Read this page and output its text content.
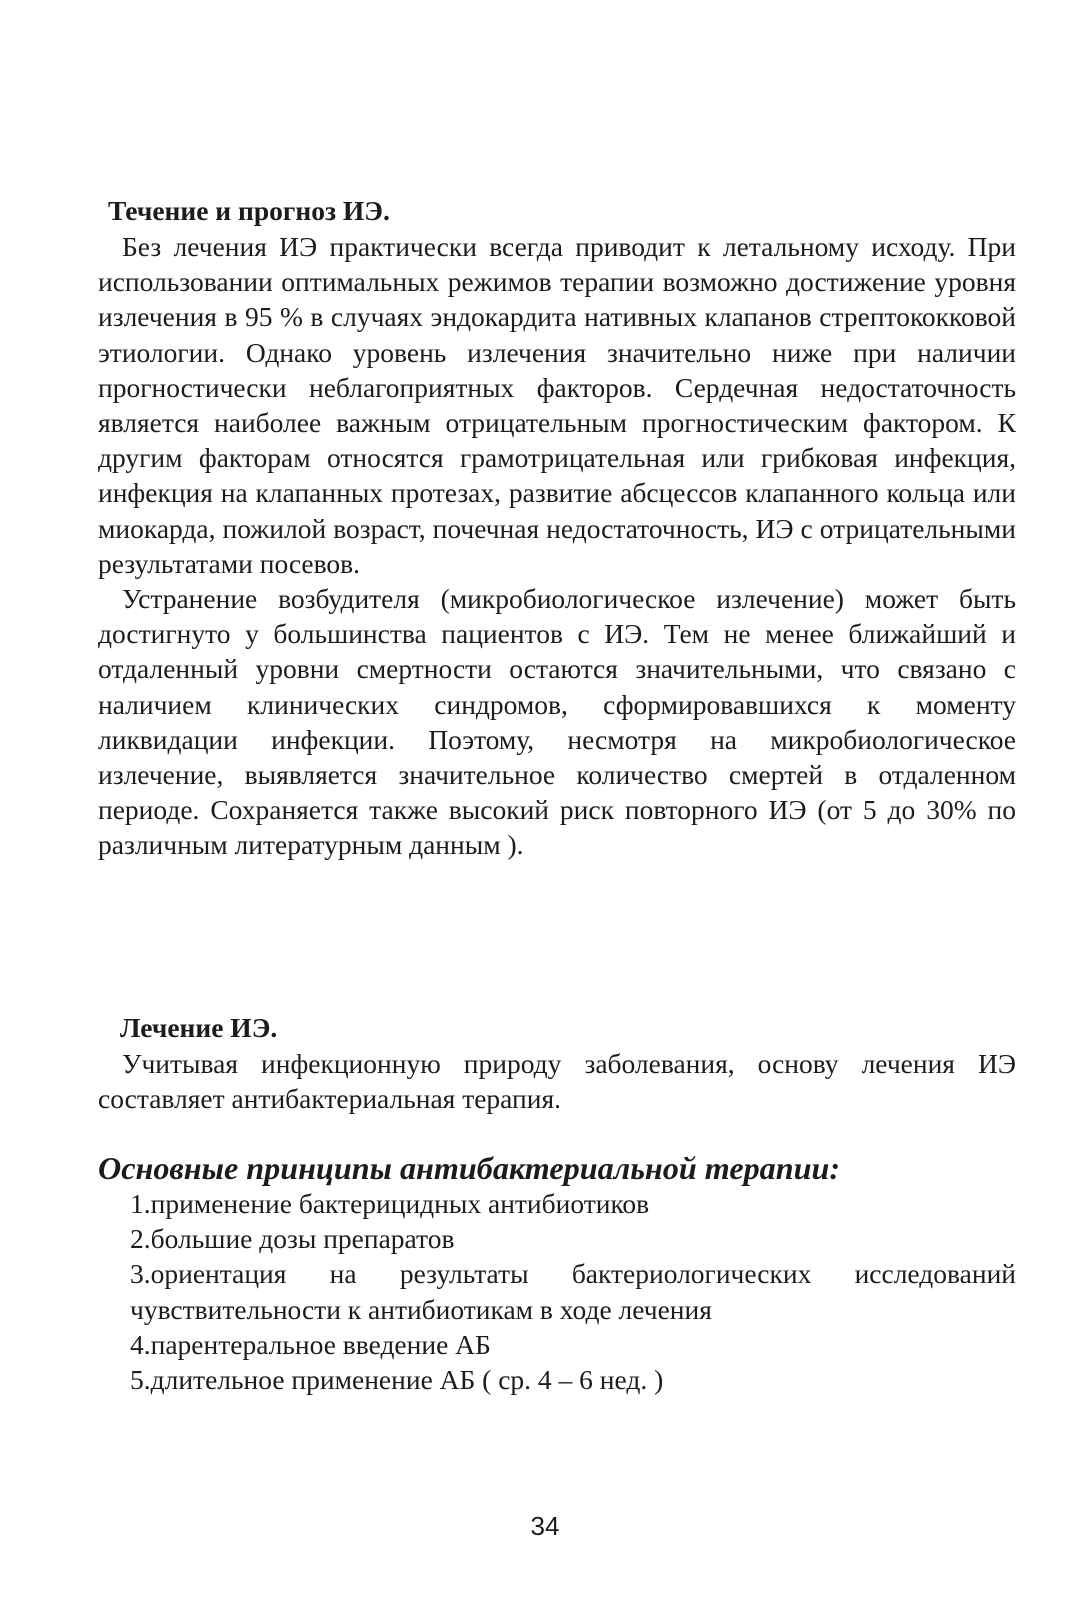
Течение и прогноз ИЭ.

Без лечения ИЭ практически всегда приводит к летальному исходу. При использовании оптимальных режимов терапии возможно достижение уровня излечения в 95 % в случаях эндокардита нативных клапанов стрептококковой этиологии. Однако уровень излечения значительно ниже при наличии прогностически неблагоприятных факторов. Сердечная недостаточность является наиболее важным отрицательным прогностическим фактором. К другим факторам относятся грамотрицательная или грибковая инфекция, инфекция на клапанных протезах, развитие абсцессов клапанного кольца или миокарда, пожилой возраст, почечная недостаточность, ИЭ с отрицательными результатами посевов.

Устранение возбудителя (микробиологическое излечение) может быть достигнуто у большинства пациентов с ИЭ. Тем не менее ближайший и отдаленный уровни смертности остаются значительными, что связано с наличием клинических синдромов, сформировавшихся к моменту ликвидации инфекции. Поэтому, несмотря на микробиологическое излечение, выявляется значительное количество смертей в отдаленном периоде. Сохраняется также высокий риск повторного ИЭ (от 5 до 30% по различным литературным данным ).

Лечение ИЭ.

Учитывая инфекционную природу заболевания, основу лечения ИЭ составляет антибактериальная терапия.

Основные принципы антибактериальной терапии:
1.применение бактерицидных антибиотиков
2.большие дозы препаратов
3.ориентация на результаты бактериологических исследований чувствительности к антибиотикам в ходе лечения
4.парентеральное введение АБ
5.длительное применение АБ ( ср. 4 – 6 нед. )
34
